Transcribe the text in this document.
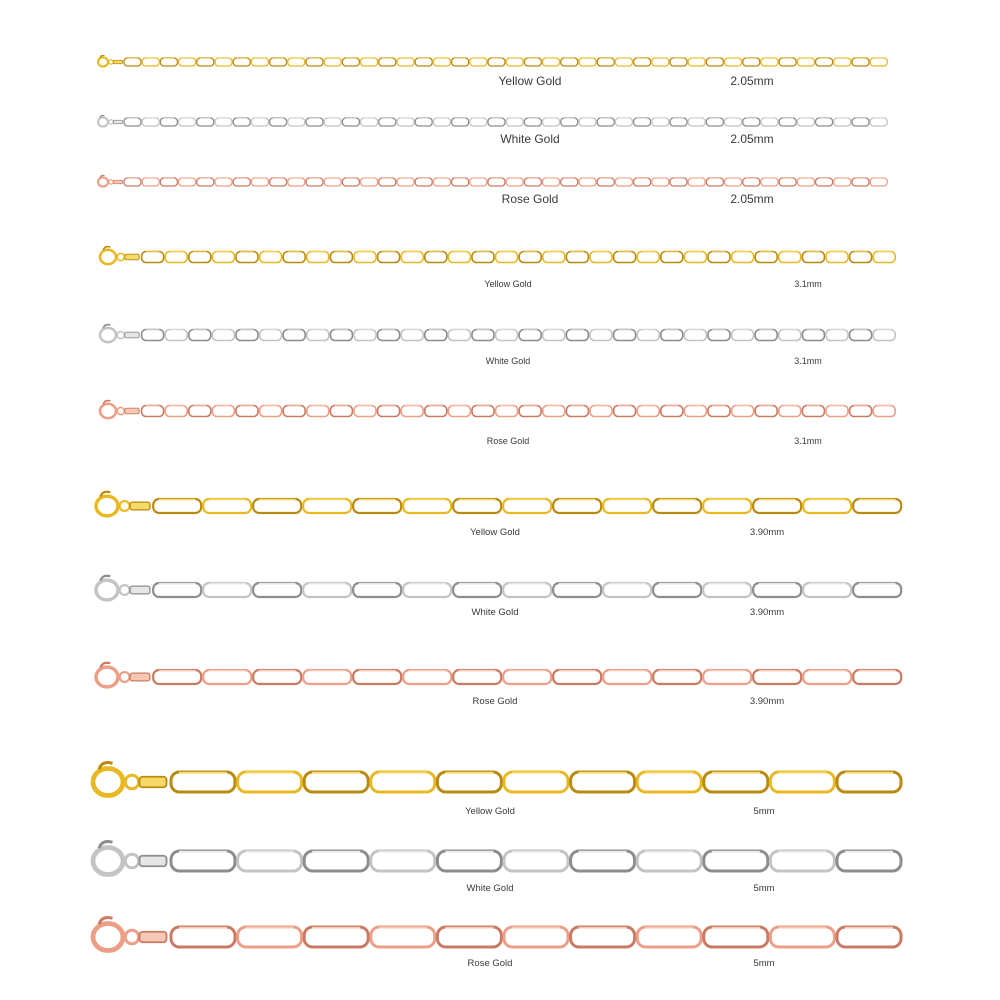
Yellow Gold	2.05mm
White Gold	2.05mm
Rose Gold	2.05mm
Yellow Gold	3.1mm
White Gold	3.1mm
Rose Gold	3.1mm
Yellow Gold	3.90mm
White Gold	3.90mm
Rose Gold	3.90mm
Yellow Gold	5mm
White Gold	5mm
Rose Gold	5mm
